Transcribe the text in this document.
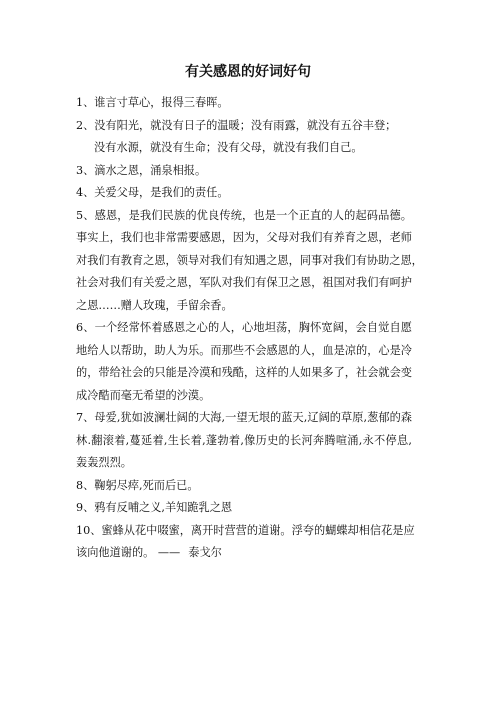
有关感恩的好词好句

1、谁言寸草心，报得三春晖。

2、没有阳光，就没有日子的温暖；没有雨露，就没有五谷丰登；
没有水源，就没有生命；没有父母，就没有我们自己。

3、滴水之恩，涌泉相报。

4、关爱父母，是我们的责任。

5、感恩，是我们民族的优良传统，也是一个正直的人的起码品德。
事实上，我们也非常需要感恩，因为，父母对我们有养育之恩，老师
对我们有教育之恩，领导对我们有知遇之恩，同事对我们有协助之恩，
社会对我们有关爱之恩，军队对我们有保卫之恩，祖国对我们有呵护
之恩……赠人玫瑰，手留余香。

6、一个经常怀着感恩之心的人，心地坦荡，胸怀宽阔，会自觉自愿
地给人以帮助，助人为乐。而那些不会感恩的人，血是凉的，心是冷
的，带给社会的只能是冷漠和残酷，这样的人如果多了，社会就会变
成冷酷而毫无希望的沙漠。

7、母爱,犹如波澜壮阔的大海,一望无垠的蓝天,辽阔的草原,葱郁的森
林.翻滚着,蔓延着,生长着,蓬勃着,像历史的长河奔腾喧涌,永不停息,
轰轰烈烈。

8、鞠躬尽瘁,死而后已。

9、鸦有反哺之义,羊知跪乳之恩

10、蜜蜂从花中啜蜜，离开时营营的道谢。浮夸的蝴蝶却相信花是应
该向他道谢的。 —— 泰戈尔
